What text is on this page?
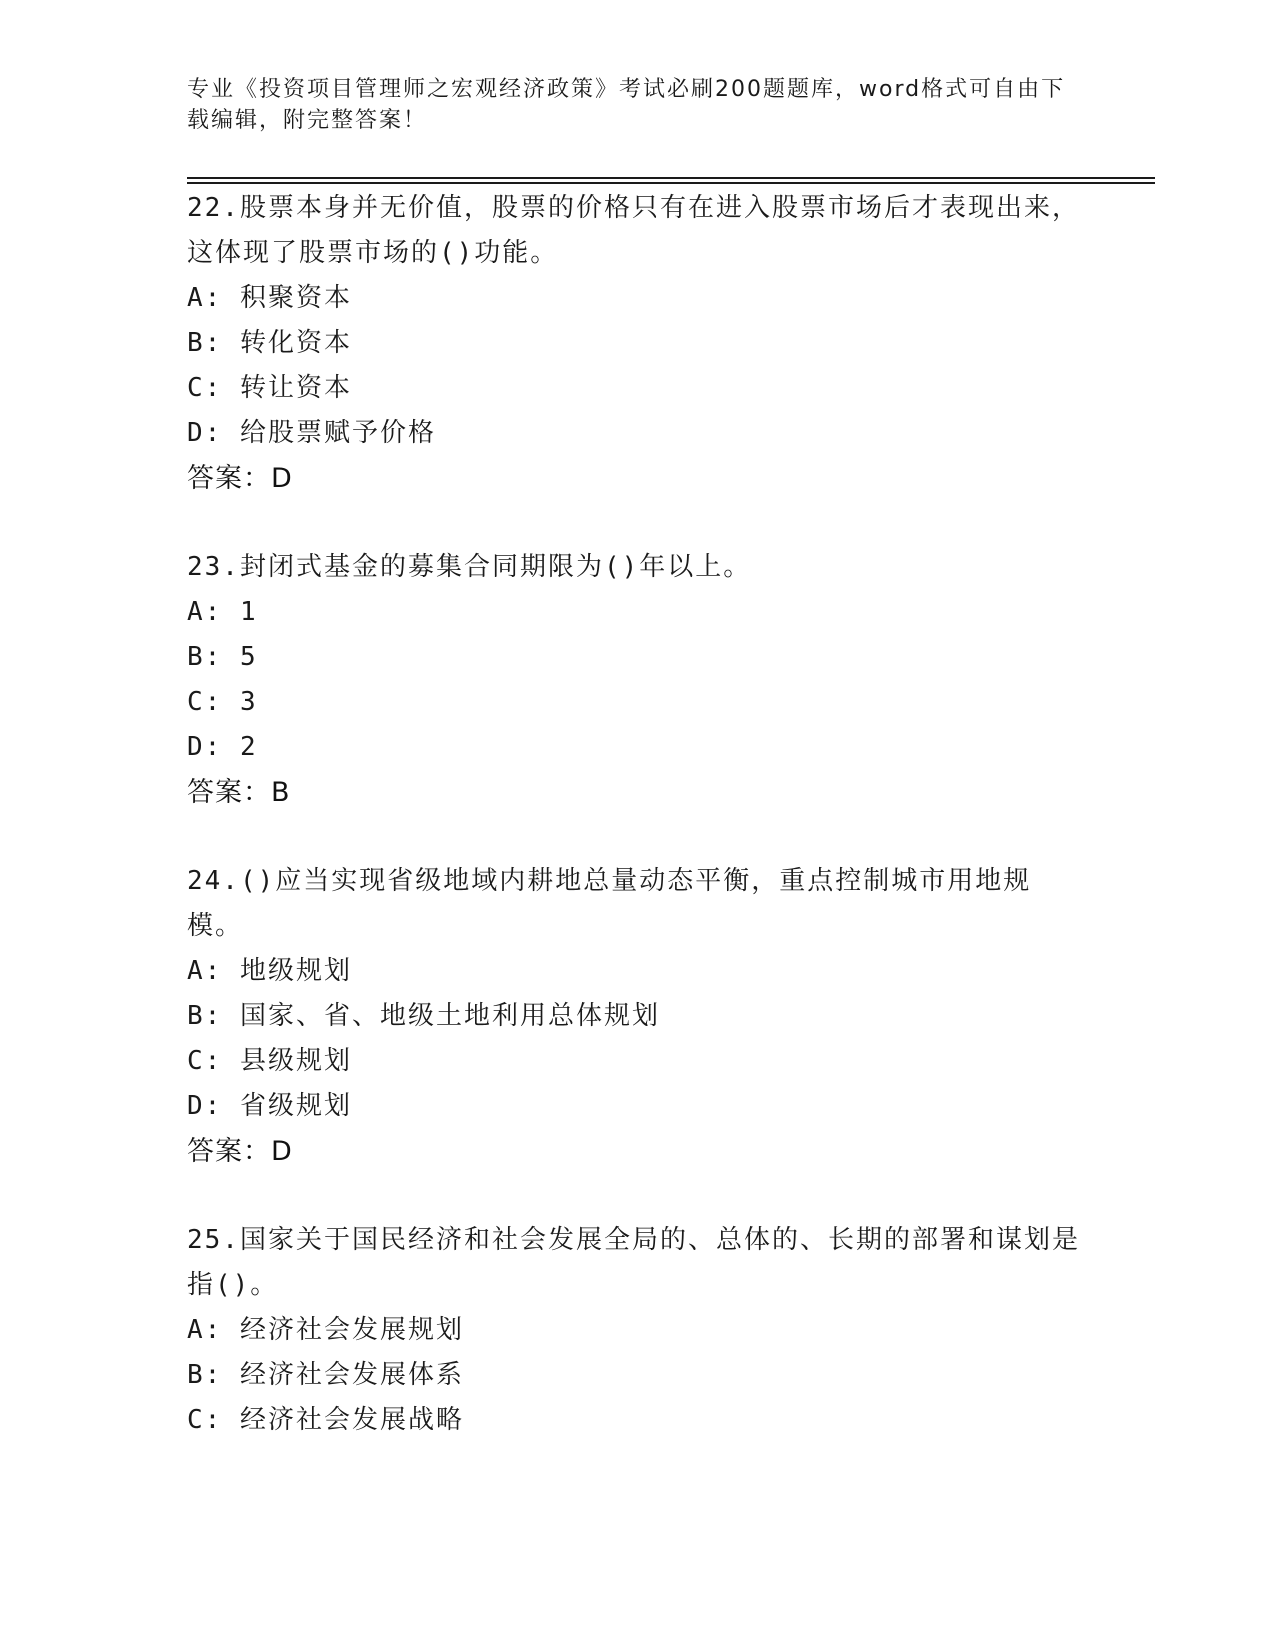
专业《投资项目管理师之宏观经济政策》考试必刷200题题库，word格式可自由下载编辑，附完整答案！
22.股票本身并无价值，股票的价格只有在进入股票市场后才表现出来，这体现了股票市场的()功能。
A: 积聚资本
B: 转化资本
C: 转让资本
D: 给股票赋予价格
答案：D
23.封闭式基金的募集合同期限为()年以上。
A: 1
B: 5
C: 3
D: 2
答案：B
24.()应当实现省级地域内耕地总量动态平衡，重点控制城市用地规模。
A: 地级规划
B: 国家、省、地级土地利用总体规划
C: 县级规划
D: 省级规划
答案：D
25.国家关于国民经济和社会发展全局的、总体的、长期的部署和谋划是指()。
A: 经济社会发展规划
B: 经济社会发展体系
C: 经济社会发展战略
